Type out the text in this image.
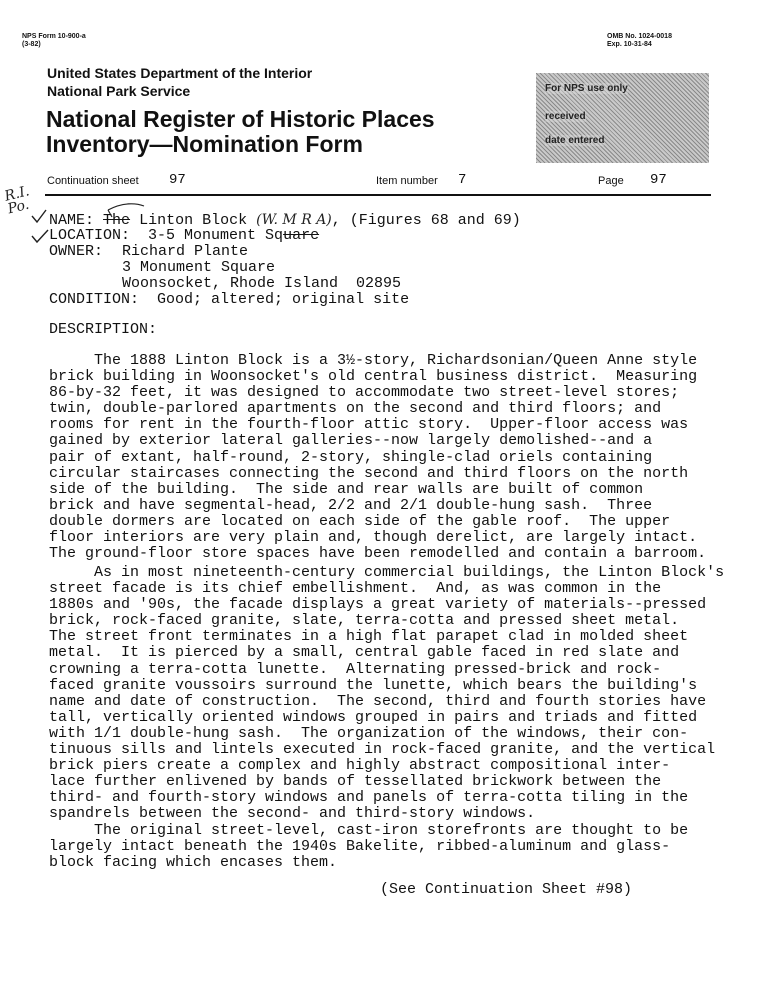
NPS Form 10-900-a
(3-82)
OMB No. 1024-0018
Exp. 10-31-84
United States Department of the Interior
National Park Service
National Register of Historic Places
Inventory—Nomination Form
For NPS use only
received
date entered
Continuation sheet 97	Item number 7	Page 97
R.I. Po.
NAME: The Linton Block (W. M R A), (Figures 68 and 69)
LOCATION: 3-5 Monument Square
OWNER: Richard Plante
3 Monument Square
Woonsocket, Rhode Island  02895
CONDITION: Good; altered; original site
DESCRIPTION:
The 1888 Linton Block is a 3½-story, Richardsonian/Queen Anne style
brick building in Woonsocket's old central business district.  Measuring
86-by-32 feet, it was designed to accommodate two street-level stores;
twin, double-parlored apartments on the second and third floors; and
rooms for rent in the fourth-floor attic story.  Upper-floor access was
gained by exterior lateral galleries--now largely demolished--and a
pair of extant, half-round, 2-story, shingle-clad oriels containing
circular staircases connecting the second and third floors on the north
side of the building.  The side and rear walls are built of common
brick and have segmental-head, 2/2 and 2/1 double-hung sash.  Three
double dormers are located on each side of the gable roof.  The upper
floor interiors are very plain and, though derelict, are largely intact.
The ground-floor store spaces have been remodelled and contain a barroom.
As in most nineteenth-century commercial buildings, the Linton Block's
street facade is its chief embellishment.  And, as was common in the
1880s and '90s, the facade displays a great variety of materials--pressed
brick, rock-faced granite, slate, terra-cotta and pressed sheet metal.
The street front terminates in a high flat parapet clad in molded sheet
metal.  It is pierced by a small, central gable faced in red slate and
crowning a terra-cotta lunette.  Alternating pressed-brick and rock-
faced granite voussoirs surround the lunette, which bears the building's
name and date of construction.  The second, third and fourth stories have
tall, vertically oriented windows grouped in pairs and triads and fitted
with 1/1 double-hung sash.  The organization of the windows, their con-
tinuous sills and lintels executed in rock-faced granite, and the vertical
brick piers create a complex and highly abstract compositional inter-
lace further enlivened by bands of tessellated brickwork between the
third- and fourth-story windows and panels of terra-cotta tiling in the
spandrels between the second- and third-story windows.
The original street-level, cast-iron storefronts are thought to be
largely intact beneath the 1940s Bakelite, ribbed-aluminum and glass-
block facing which encases them.
(See Continuation Sheet #98)
